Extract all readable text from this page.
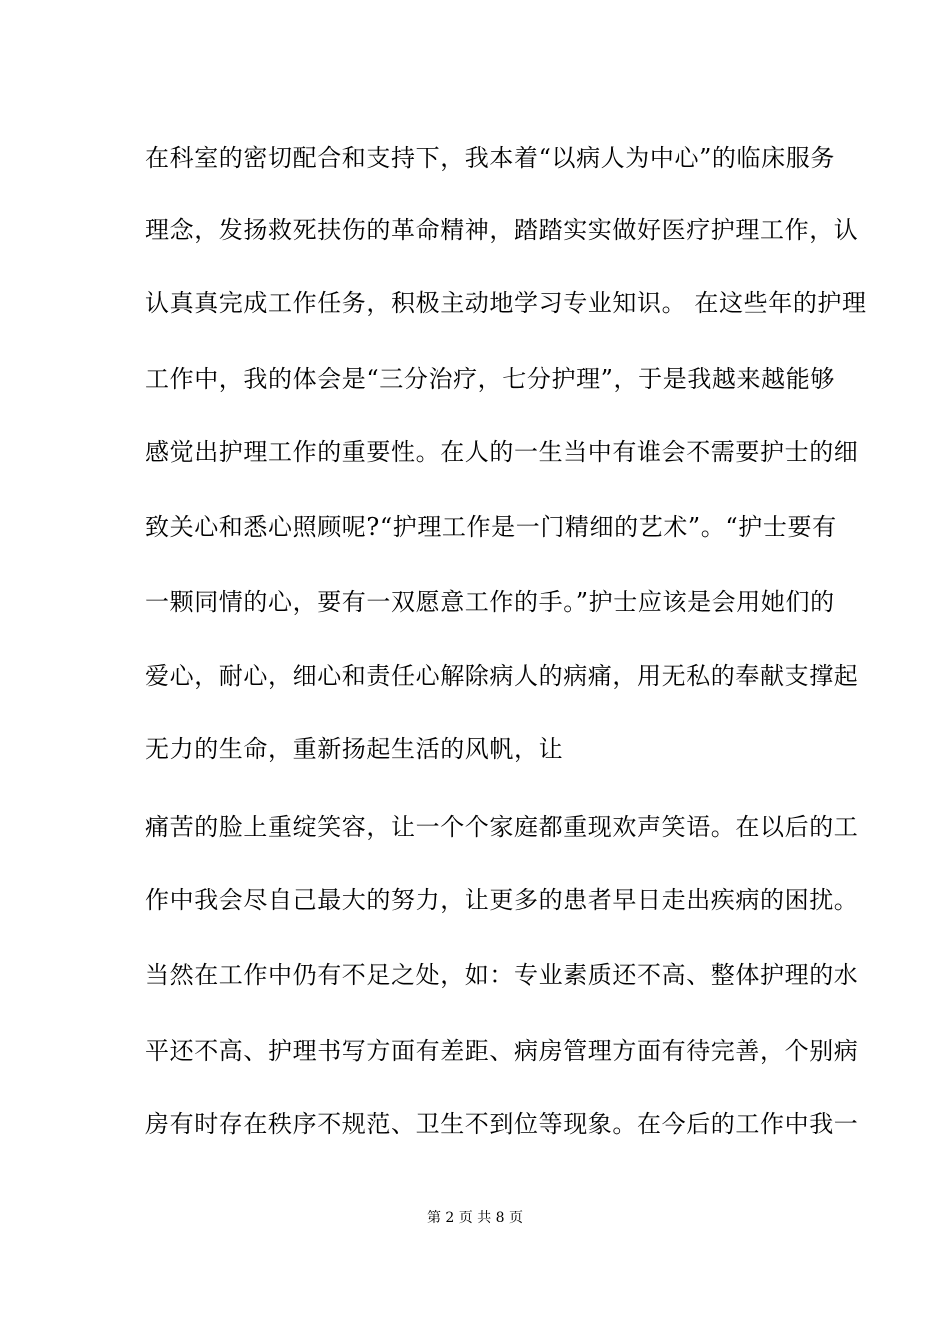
在科室的密切配合和支持下，我本着“以病人为中心”的临床服务
理念，发扬救死扶伤的革命精神，踏踏实实做好医疗护理工作，认
认真真完成工作任务，积极主动地学习专业知识。 在这些年的护理
工作中，我的体会是“三分治疗，七分护理”，于是我越来越能够
感觉出护理工作的重要性。在人的一生当中有谁会不需要护士的细
致关心和悉心照顾呢?“护理工作是一门精细的艺术”。“护士要有
一颗同情的心，要有一双愿意工作的手。”护士应该是会用她们的
爱心，耐心，细心和责任心解除病人的病痛，用无私的奉献支撑起
无力的生命，重新扬起生活的风帆，让
痛苦的脸上重绽笑容，让一个个家庭都重现欢声笑语。在以后的工
作中我会尽自己最大的努力，让更多的患者早日走出疾病的困扰。
当然在工作中仍有不足之处，如：专业素质还不高、整体护理的水
平还不高、护理书写方面有差距、病房管理方面有待完善，个别病
房有时存在秩序不规范、卫生不到位等现象。在今后的工作中我一
第 2 页 共 8 页
